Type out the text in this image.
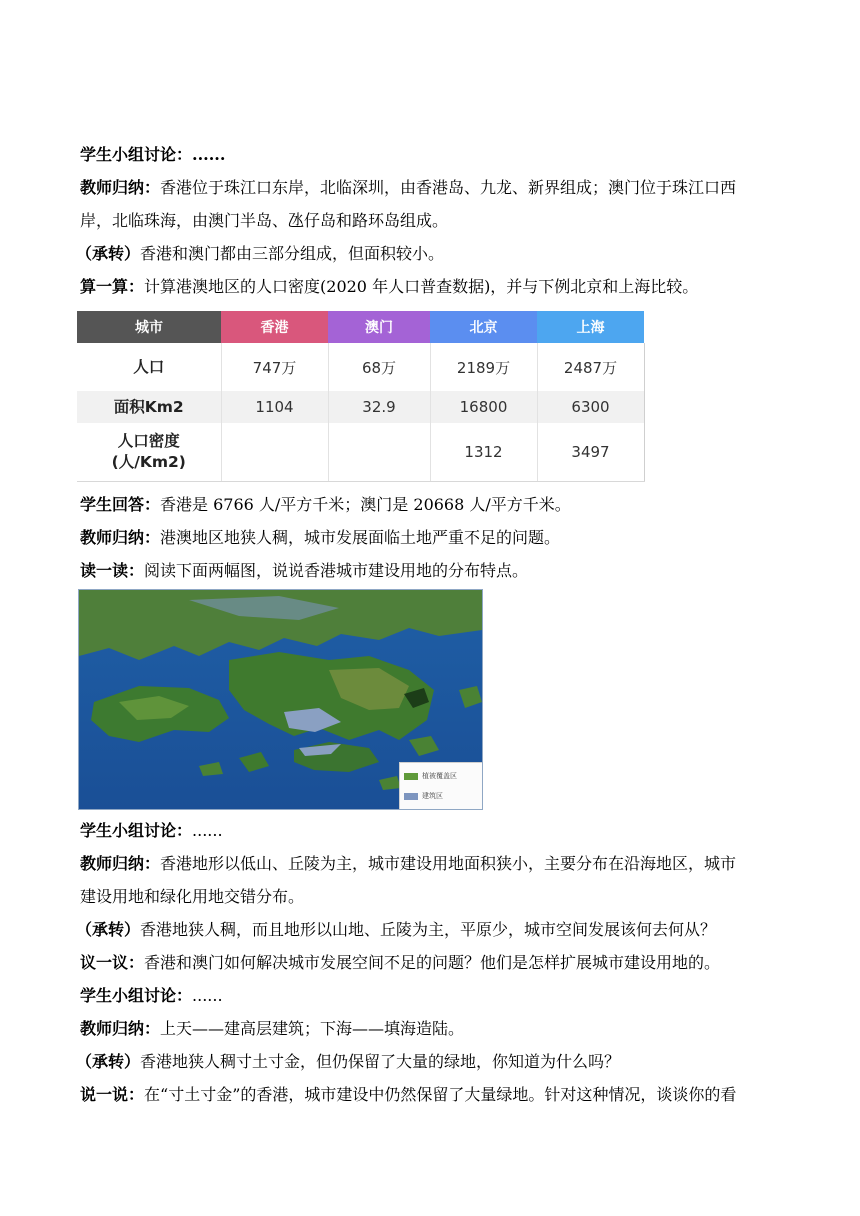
学生小组讨论：......
教师归纳：香港位于珠江口东岸，北临深圳，由香港岛、九龙、新界组成；澳门位于珠江口西
岸，北临珠海，由澳门半岛、氹仔岛和路环岛组成。
（承转）香港和澳门都由三部分组成，但面积较小。
算一算：计算港澳地区的人口密度(2020 年人口普查数据)，并与下例北京和上海比较。
城市	香港	澳门	北京	上海
人口	747万	68万	2189万	2487万
面积Km2	1104	32.9	16800	6300

人口密度
(人/Km2)			1312	3497
学生回答：香港是 6766 人/平方千米；澳门是 20668 人/平方千米。
教师归纳：港澳地区地狭人稠，城市发展面临土地严重不足的问题。
读一读：阅读下面两幅图，说说香港城市建设用地的分布特点。
植被覆盖区
建筑区
学生小组讨论：......
教师归纳：香港地形以低山、丘陵为主，城市建设用地面积狭小，主要分布在沿海地区，城市
建设用地和绿化用地交错分布。
（承转）香港地狭人稠，而且地形以山地、丘陵为主，平原少，城市空间发展该何去何从？
议一议：香港和澳门如何解决城市发展空间不足的问题？他们是怎样扩展城市建设用地的。
学生小组讨论：......
教师归纳：上天——建高层建筑；下海——填海造陆。
（承转）香港地狭人稠寸土寸金，但仍保留了大量的绿地，你知道为什么吗？
说一说：在“寸土寸金”的香港，城市建设中仍然保留了大量绿地。针对这种情况，谈谈你的看
